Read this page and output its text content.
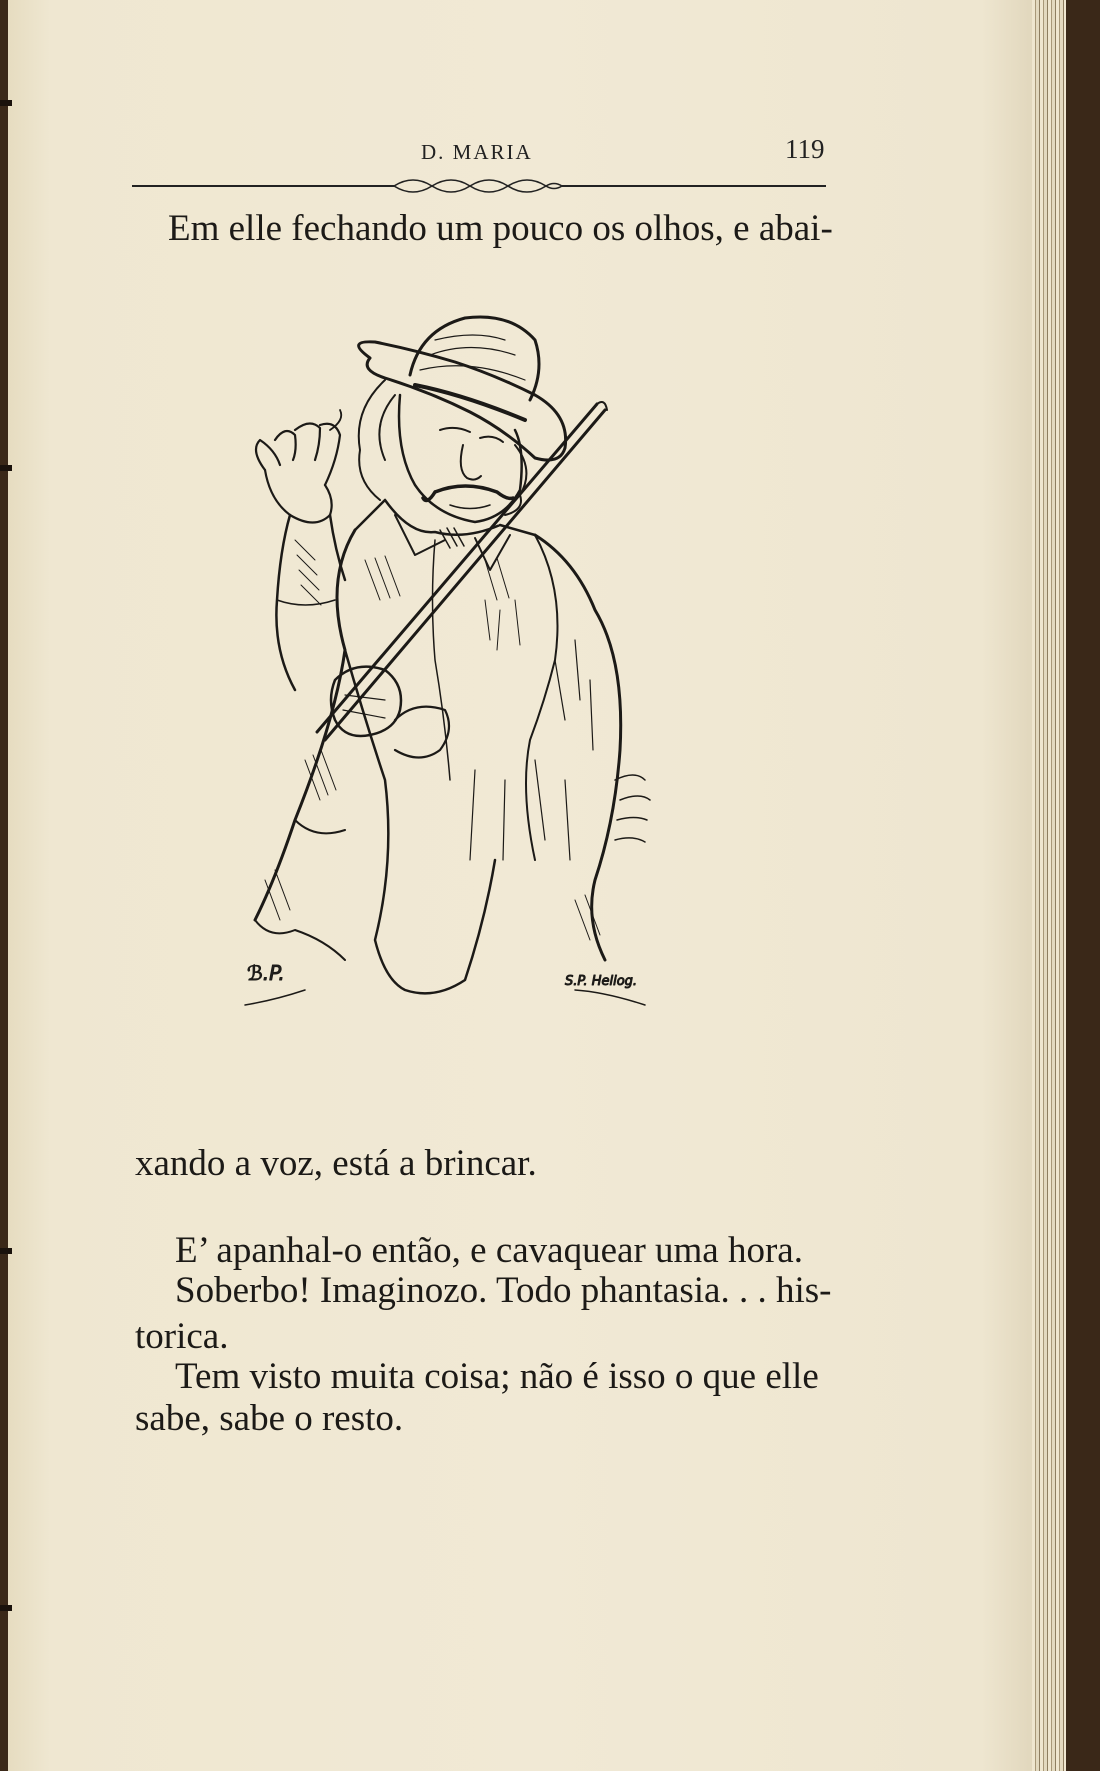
D. MARIA	119
Em elle fechando um pouco os olhos, e abai-
ℬ.P.	S.P. Heliog.
xando a voz, está a brincar.
E’ apanhal-o então, e cavaquear uma hora.
Soberbo! Imaginozo. Todo phantasia. . . his-
torica.
Tem visto muita coisa; não é isso o que elle
sabe, sabe o resto.
